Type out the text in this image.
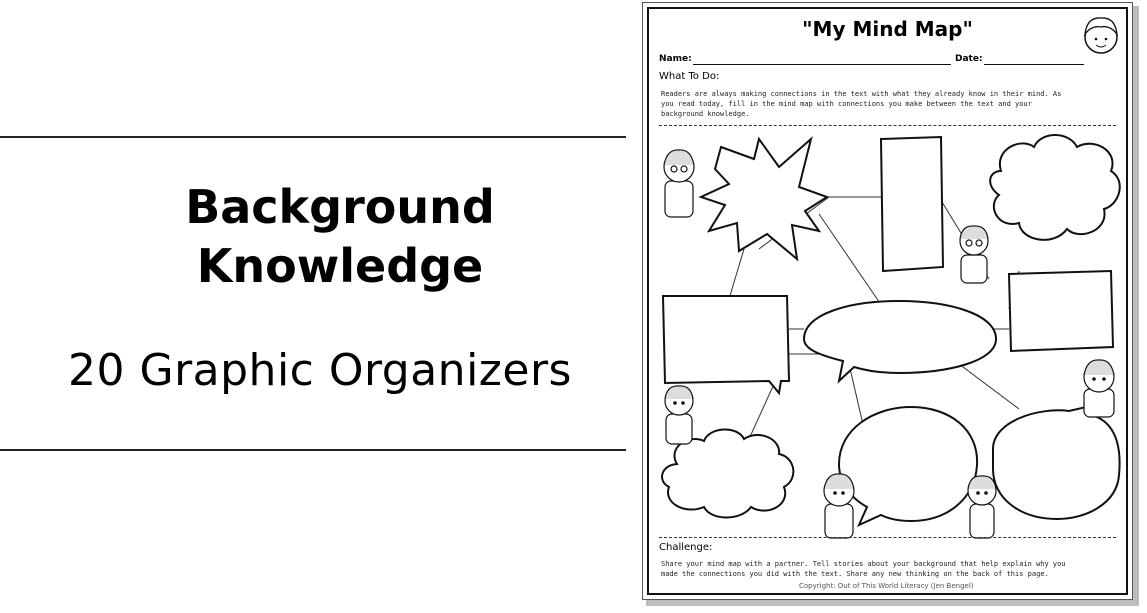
Background
Knowledge
20 Graphic Organizers
"My Mind Map"
Name:	Date:
What To Do:
Readers are always making connections in the text with what they already know in their mind. As
you read today, fill in the mind map with connections you make between the text and your
background knowledge.
Challenge:
Share your mind map with a partner. Tell stories about your background that help explain why you
made the connections you did with the text. Share any new thinking on the back of this page.
Copyright: Out of This World Literacy (Jen Bengel)
